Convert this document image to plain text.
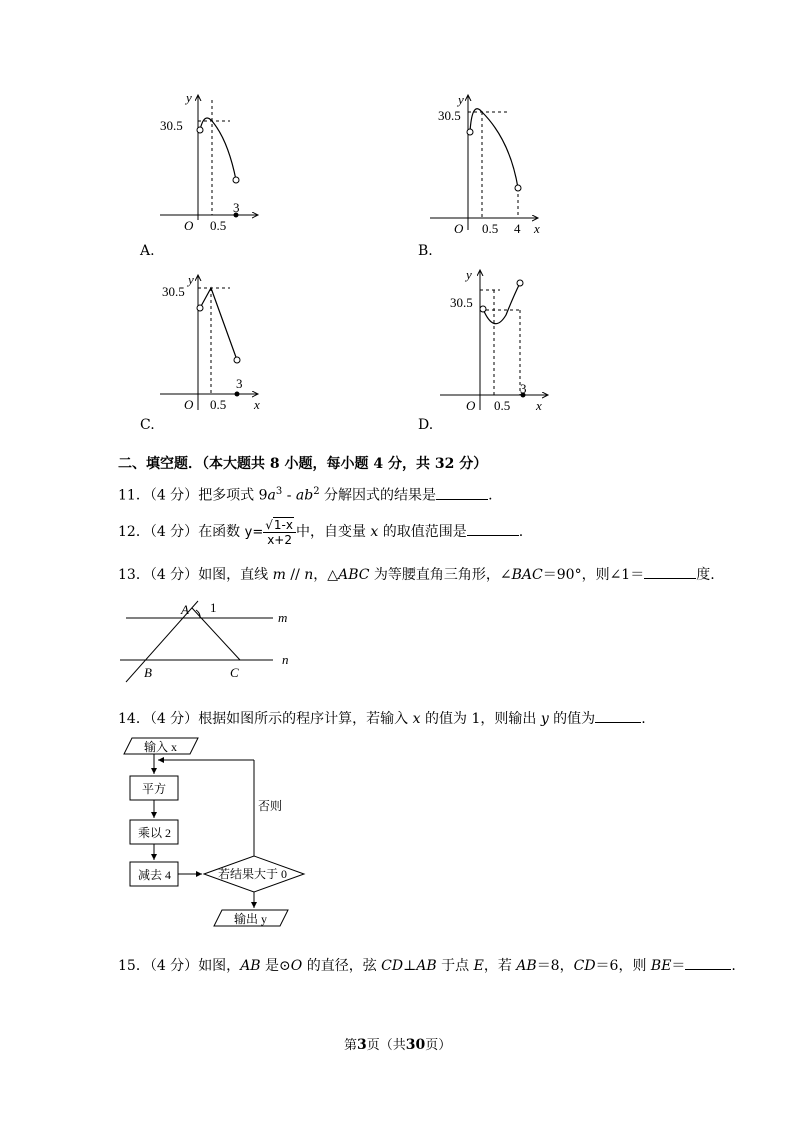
y
30.5
O 0.5
3
A.
y
30.5
O 0.5 4 x
B.
y
30.5
O 0.5
3
x
C.
y
30.5
O 0.5
3
x
D.
二、填空题．（本大题共 8 小题，每小题 4 分，共 32 分）
11．（4 分）把多项式 $9a^3 - ab^2$ 分解因式的结果是	.
12．（4 分）在函数 $y= \frac{√1-x}{x+2}$ 中，自变量 x 的取值范围是	.
13．（4 分）如图，直线 m // n，△ABC 为等腰直角三角形，∠BAC＝90°，则∠1＝	度.
A 1
m
n
B	C
14．（4 分）根据如图所示的程序计算，若输入 x 的值为 1，则输出 y 的值为	.
输入 x
平方
乘以 2
减去 4	若结果大于 0
否则
输出 y
15．（4 分）如图，AB 是⊙O 的直径，弦 CD⊥AB 于点 E，若 AB＝8，CD＝6，则 BE＝	.
第3页（共30页）
